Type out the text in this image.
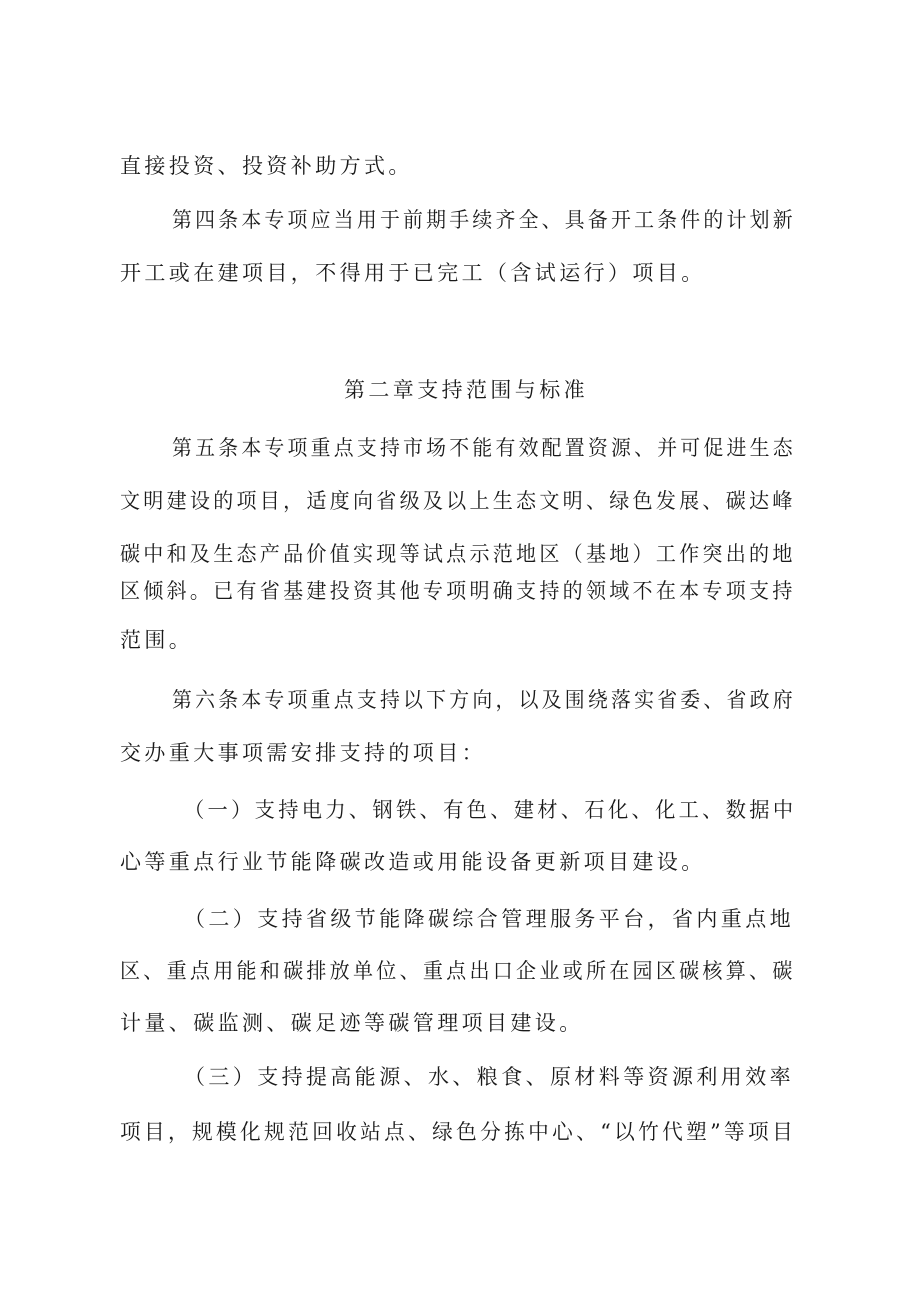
直接投资、投资补助方式。
第四条本专项应当用于前期手续齐全、具备开工条件的计划新
开工或在建项目，不得用于已完工（含试运行）项目。
第二章支持范围与标准
第五条本专项重点支持市场不能有效配置资源、并可促进生态
文明建设的项目，适度向省级及以上生态文明、绿色发展、碳达峰
碳中和及生态产品价值实现等试点示范地区（基地）工作突出的地
区倾斜。已有省基建投资其他专项明确支持的领域不在本专项支持
范围。
第六条本专项重点支持以下方向，以及围绕落实省委、省政府
交办重大事项需安排支持的项目：
（一）支持电力、钢铁、有色、建材、石化、化工、数据中
心等重点行业节能降碳改造或用能设备更新项目建设。
（二）支持省级节能降碳综合管理服务平台，省内重点地
区、重点用能和碳排放单位、重点出口企业或所在园区碳核算、碳
计量、碳监测、碳足迹等碳管理项目建设。
（三）支持提高能源、水、粮食、原材料等资源利用效率
项目，规模化规范回收站点、绿色分拣中心、“以竹代塑”等项目
